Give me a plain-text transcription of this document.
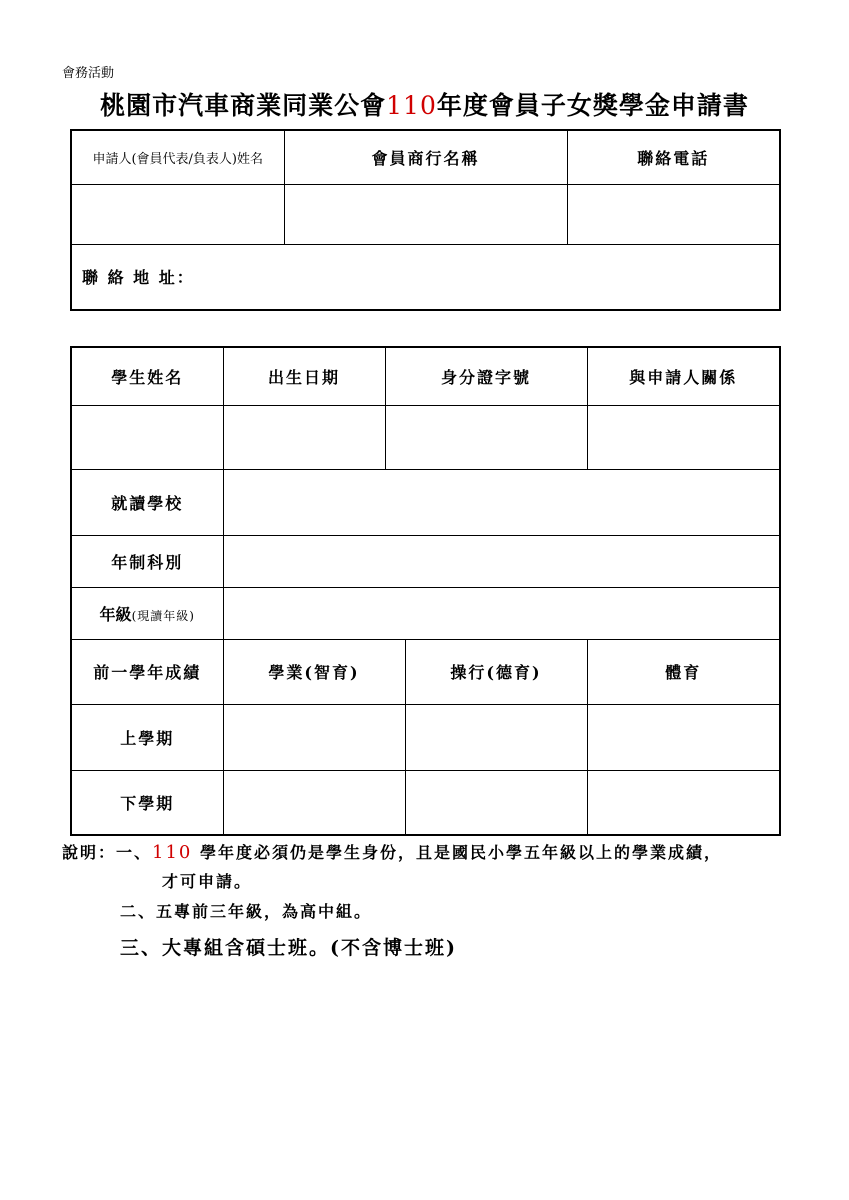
會務活動
桃園市汽車商業同業公會110年度會員子女獎學金申請書
申請人(會員代表/負表人)姓名	會員商行名稱	聯絡電話

聯 絡 地 址：		
學生姓名	出生日期	身分證字號		與申請人關係

就讀學校				
年制科別				
年級(現讀年級)				
前一學年成績	學業(智育)		操行(德育)	體育
上學期				
下學期				
說明：一、110 學年度必須仍是學生身份，且是國民小學五年級以上的學業成績，
才可申請。
二、五專前三年級，為高中組。
三、大專組含碩士班。(不含博士班)
